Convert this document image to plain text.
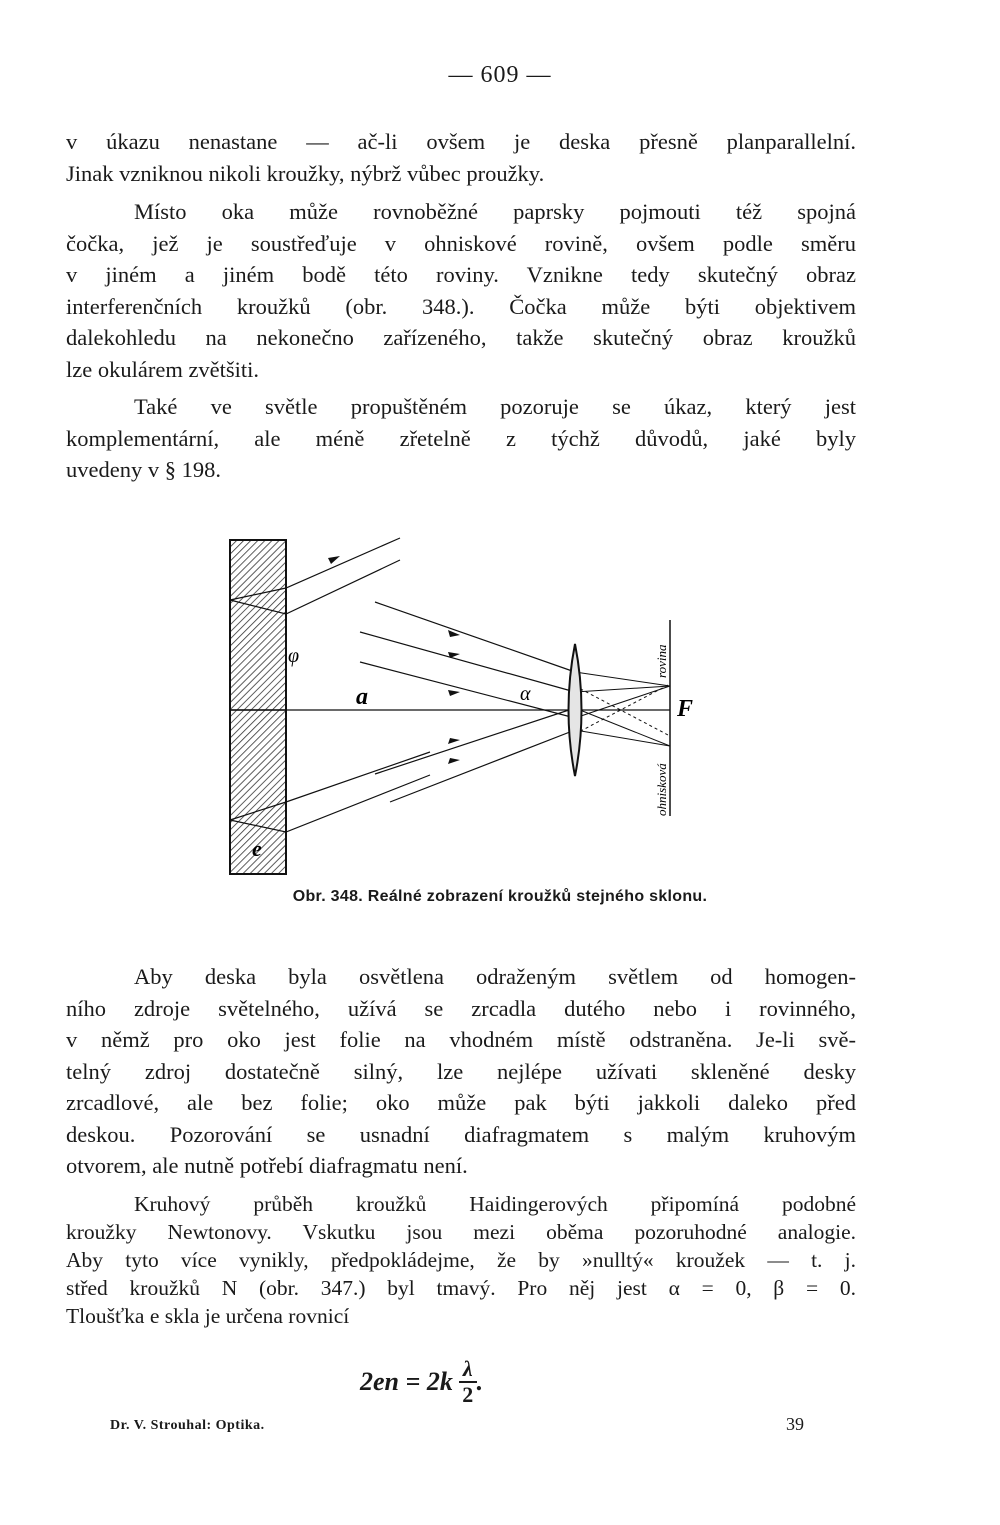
— 609 —
v úkazu nenastane — ač-li ovšem je deska přesně planparallelní.
Jinak vzniknou nikoli kroužky, nýbrž vůbec proužky.
Místo oka může rovnoběžné paprsky pojmouti též spojná
čočka, jež je soustřeďuje v ohniskové rovině, ovšem podle směru
v jiném a jiném bodě této roviny. Vznikne tedy skutečný obraz
interferenčních kroužků (obr. 348.). Čočka může býti objektivem
dalekohledu na nekonečno zařízeného, takže skutečný obraz kroužků
lze okulárem zvětšiti.
Také ve světle propuštěném pozoruje se úkaz, který jest
komplementární, ale méně zřetelně z týchž důvodů, jaké byly
uvedeny v § 198.
φ
a	α
F
e
rovina
ohnisková
Obr. 348. Reálné zobrazení kroužků stejného sklonu.
Aby deska byla osvětlena odraženým světlem od homogen-
ního zdroje světelného, užívá se zrcadla dutého nebo i rovinného,
v němž pro oko jest folie na vhodném místě odstraněna. Je-li svě-
telný zdroj dostatečně silný, lze nejlépe užívati skleněné desky
zrcadlové, ale bez folie; oko může pak býti jakkoli daleko před
deskou. Pozorování se usnadní diafragmatem s malým kruhovým
otvorem, ale nutně potřebí diafragmatu není.
Kruhový průběh kroužků Haidingerových připomíná podobné
kroužky Newtonovy. Vskutku jsou mezi oběma pozoruhodné analogie.
Aby tyto více vynikly, předpokládejme, že by »nulltý« kroužek — t. j.
střed kroužků N (obr. 347.) byl tmavý. Pro něj jest α = 0, β = 0.
Tloušťka e skla je určena rovnicí
$2en = 2k \frac{\lambda}{2}$ .
Dr. V. Strouhal: Optika.	39
